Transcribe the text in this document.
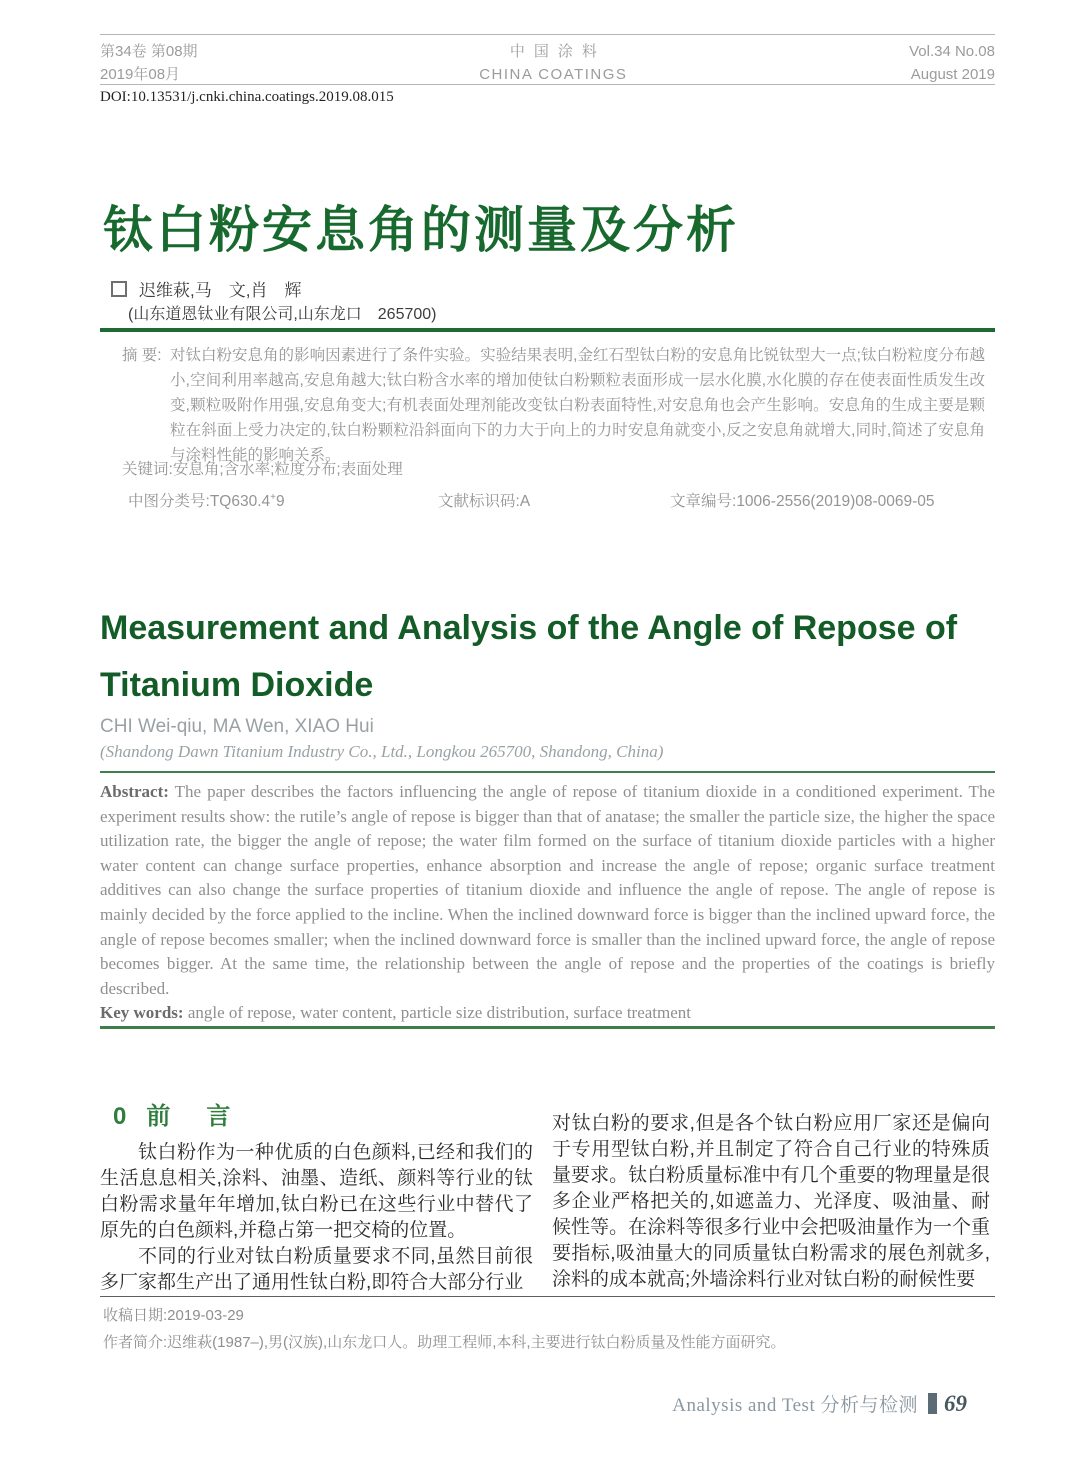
第34卷 第08期
2019年08月
中国涂料
CHINA COATINGS
Vol.34 No.08
August 2019
DOI:10.13531/j.cnki.china.coatings.2019.08.015
钛白粉安息角的测量及分析
迟维萩,马　文,肖　辉
(山东道恩钛业有限公司,山东龙口　265700)
摘 要: 对钛白粉安息角的影响因素进行了条件实验。实验结果表明,金红石型钛白粉的安息角比锐钛型大一点;钛白粉粒度分布越小,空间利用率越高,安息角越大;钛白粉含水率的增加使钛白粉颗粒表面形成一层水化膜,水化膜的存在使表面性质发生改变,颗粒吸附作用强,安息角变大;有机表面处理剂能改变钛白粉表面特性,对安息角也会产生影响。安息角的生成主要是颗粒在斜面上受力决定的,钛白粉颗粒沿斜面向下的力大于向上的力时安息角就变小,反之安息角就增大,同时,简述了安息角与涂料性能的影响关系。
关键词: 安息角;含水率;粒度分布;表面处理
中图分类号:TQ630.4+9	文献标识码:A	文章编号:1006-2556(2019)08-0069-05
Measurement and Analysis of the Angle of Repose of Titanium Dioxide
CHI Wei-qiu, MA Wen, XIAO Hui
(Shandong Dawn Titanium Industry Co., Ltd., Longkou 265700, Shandong, China)

Abstract: The paper describes the factors influencing the angle of repose of titanium dioxide in a conditioned experiment. The experiment results show: the rutile’s angle of repose is bigger than that of anatase; the smaller the particle size, the higher the space utilization rate, the bigger the angle of repose; the water film formed on the surface of titanium dioxide particles with a higher water content can change surface properties, enhance absorption and increase the angle of repose; organic surface treatment additives can also change the surface properties of titanium dioxide and influence the angle of repose. The angle of repose is mainly decided by the force applied to the incline. When the inclined downward force is bigger than the inclined upward force, the angle of repose becomes smaller; when the inclined downward force is smaller than the inclined upward force, the angle of repose becomes bigger. At the same time, the relationship between the angle of repose and the properties of the coatings is briefly described.

Key words: angle of repose, water content, particle size distribution, surface treatment

0 前　言

钛白粉作为一种优质的白色颜料,已经和我们的生活息息相关,涂料、油墨、造纸、颜料等行业的钛白粉需求量年年增加,钛白粉已在这些行业中替代了原先的白色颜料,并稳占第一把交椅的位置。

不同的行业对钛白粉质量要求不同,虽然目前很多厂家都生产出了通用性钛白粉,即符合大部分行业

对钛白粉的要求,但是各个钛白粉应用厂家还是偏向于专用型钛白粉,并且制定了符合自己行业的特殊质量要求。钛白粉质量标准中有几个重要的物理量是很多企业严格把关的,如遮盖力、光泽度、吸油量、耐候性等。在涂料等很多行业中会把吸油量作为一个重要指标,吸油量大的同质量钛白粉需求的展色剂就多,涂料的成本就高;外墙涂料行业对钛白粉的耐候性要

收稿日期:2019-03-29
作者简介:迟维萩(1987–),男(汉族),山东龙口人。助理工程师,本科,主要进行钛白粉质量及性能方面研究。
Analysis and Test 分析与检测 69
